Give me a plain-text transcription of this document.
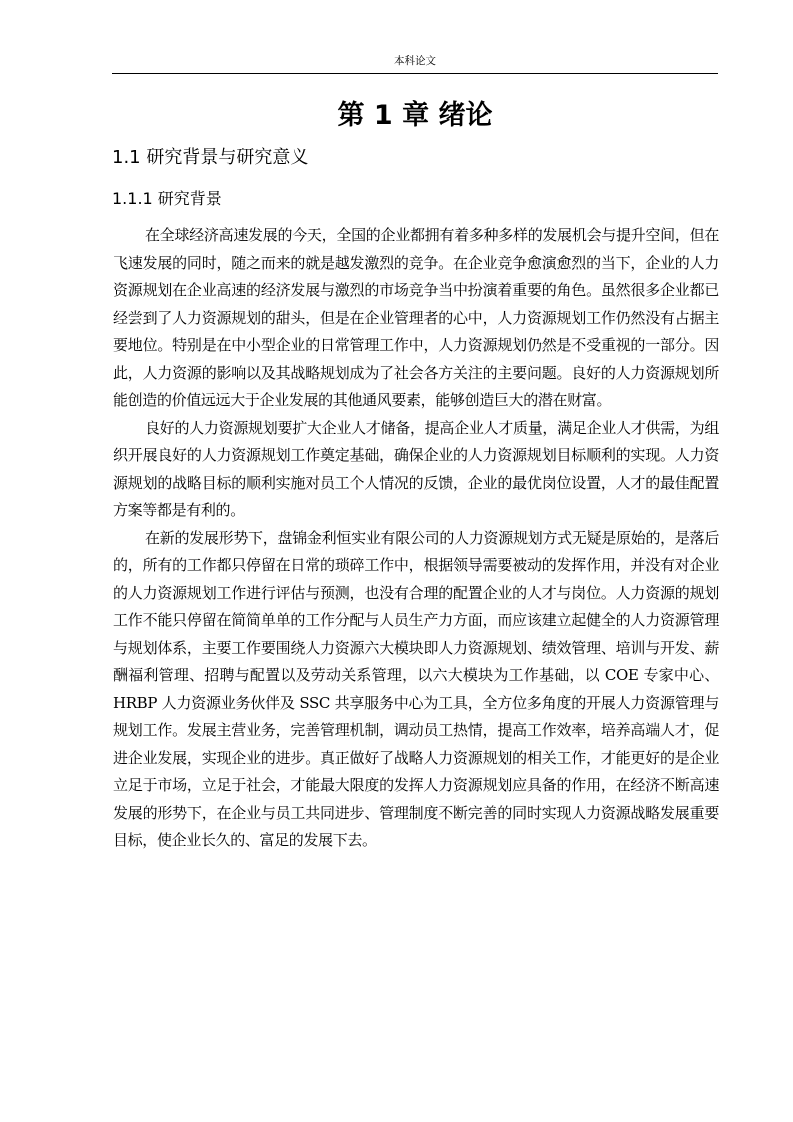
本科论文
第 1 章 绪论
1.1 研究背景与研究意义
1.1.1 研究背景

在全球经济高速发展的今天，全国的企业都拥有着多种多样的发展机会与提升空间，但在飞速发展的同时，随之而来的就是越发激烈的竞争。在企业竞争愈演愈烈的当下，企业的人力资源规划在企业高速的经济发展与激烈的市场竞争当中扮演着重要的角色。虽然很多企业都已经尝到了人力资源规划的甜头，但是在企业管理者的心中，人力资源规划工作仍然没有占据主要地位。特别是在中小型企业的日常管理工作中，人力资源规划仍然是不受重视的一部分。因此，人力资源的影响以及其战略规划成为了社会各方关注的主要问题。良好的人力资源规划所能创造的价值远远大于企业发展的其他通风要素，能够创造巨大的潜在财富。

良好的人力资源规划要扩大企业人才储备，提高企业人才质量，满足企业人才供需，为组织开展良好的人力资源规划工作奠定基础，确保企业的人力资源规划目标顺利的实现。人力资源规划的战略目标的顺利实施对员工个人情况的反馈，企业的最优岗位设置，人才的最佳配置方案等都是有利的。

在新的发展形势下，盘锦金利恒实业有限公司的人力资源规划方式无疑是原始的，是落后的，所有的工作都只停留在日常的琐碎工作中，根据领导需要被动的发挥作用，并没有对企业的人力资源规划工作进行评估与预测，也没有合理的配置企业的人才与岗位。人力资源的规划工作不能只停留在简简单单的工作分配与人员生产力方面，而应该建立起健全的人力资源管理与规划体系，主要工作要围绕人力资源六大模块即人力资源规划、绩效管理、培训与开发、薪酬福利管理、招聘与配置以及劳动关系管理，以六大模块为工作基础，以 COE 专家中心、HRBP 人力资源业务伙伴及 SSC 共享服务中心为工具，全方位多角度的开展人力资源管理与规划工作。发展主营业务，完善管理机制，调动员工热情，提高工作效率，培养高端人才，促进企业发展，实现企业的进步。真正做好了战略人力资源规划的相关工作，才能更好的是企业立足于市场，立足于社会，才能最大限度的发挥人力资源规划应具备的作用，在经济不断高速发展的形势下，在企业与员工共同进步、管理制度不断完善的同时实现人力资源战略发展重要目标，使企业长久的、富足的发展下去。
